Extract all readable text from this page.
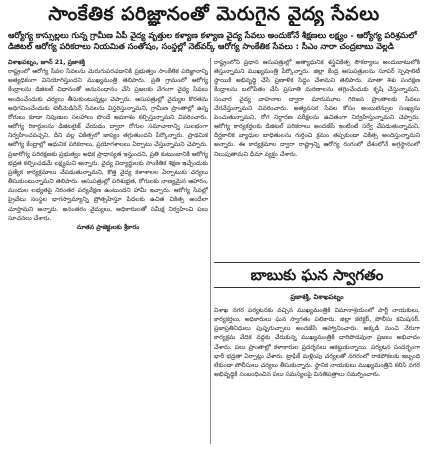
సాంకేతిక పరిజ్ఞానంతో మెరుగైన వైద్య సేవలు
ఆర్యోగ్య కాన్సుల్లలు గున్న గ్రామీణ ఏపీ వైద్య వృత్తుల కళ్యాణ కళ్యాణ వైద్య సేవలు అందుకోనే శీక్షణలు లక్ష్యం - ఆర్యోగ్య పరిశ్రమలో డిజిటల్ ఆరోగ్య పరికరాలు నియమిత సంతోషం, సంస్థల్లో నెట్‌వర్క్ ఆరోగ్య సాంకేతిక సేవలు : సీఎం నారా చంద్రబాబు వెల్లడి

విశాఖపట్నం, జూన్ 21, ప్రజాశక్తి

రాష్ట్రంలో ఆరోగ్య సేవల సేవలను మెరుగుపరచడానికి ప్రభుత్వం సాంకేతిక పరిజ్ఞానాన్ని అత్యధికంగా వినియోగిస్తుందని ముఖ్యమంత్రి తెలిపారు. ప్రతి గ్రామంలో ఆరోగ్య కేంద్రాలను డిజిటల్ విధానంతో అనుసంధానం చేసి ప్రజలకు వేగంగా వైద్య సేవలు అందించేందుకు చర్యలు తీసుకుంటున్నట్లు చెప్పారు. ఆసుపత్రుల్లో వైద్యుల కొరతను అధిగమించేందుకు టెలీమెడిసిన్ సేవలను విస్తరిస్తున్నామని, గ్రామీణ ప్రాంతాల్లో ఉన్న రోగులు కూడా నిపుణుల సలహాలు పొందే అవకాశం కల్పిస్తున్నామని వివరించారు. ఆరోగ్య రికార్డులను డిజిటలైజ్ చేయడం ద్వారా రోగుల సమాచారాన్ని సులభంగా నిర్వహించవచ్చని, దీని వల్ల చికిత్సలో జాప్యం తగ్గుతుందని పేర్కొన్నారు. ప్రాథమిక ఆరోగ్య కేంద్రాల్లో ఆధునిక పరికరాలు, ప్రయోగశాలలు ఏర్పాటు చేస్తున్నామని చెప్పారు. ప్రజారోగ్య పరిరక్షణకు ప్రభుత్వం అధిక ప్రాధాన్యత ఇస్తుందని, ప్రతి కుటుంబానికి ఆరోగ్య భద్రత కల్పించడమే లక్ష్యమని అన్నారు. వైద్య విద్యార్థులకు సాంకేతిక శిక్షణ ఇచ్చేందుకు ప్రత్యేక కార్యక్రమాలు చేపడుతున్నామని, కొత్త వైద్య కళాశాలల ఏర్పాటుకు చర్యలు తీసుకుంటున్నామని తెలిపారు. ఆసుపత్రుల్లో పరిశుభ్రత, రోగులకు నాణ్యమైన ఆహారం, మందుల లభ్యతపై నిరంతర పర్యవేక్షణ ఉంటుందని హామీ ఇచ్చారు. ఆరోగ్య సేవల్లో ప్రైవేటు సంస్థల భాగస్వామ్యాన్ని ప్రోత్సహిస్తూ పేదలకు ఉచిత చికిత్స అందేలా చూస్తామని అన్నారు. అనంతరం వైద్యులు, అధికారులతో సమీక్ష నిర్వహించి పలు సూచనలు చేశారు.

నూతన ప్రాజెక్టులకు శ్రీకారం

రాష్ట్రంలోని ప్రధాన ఆసుపత్రుల్లో అత్యాధునిక శస్త్రచికిత్స సౌకర్యాలు అందుబాటులోకి తెస్తున్నామని ముఖ్యమంత్రి పేర్కొన్నారు. జిల్లా కేంద్ర ఆసుపత్రులను సూపర్ స్పెషాలిటీ స్థాయికి అభివృద్ధి చేసే ప్రణాళిక సిద్ధం చేశామని తెలిపారు. మాతా శిశు సంరక్షణ కేంద్రాలను బలోపేతం చేసి ప్రసూతి మరణాలను తగ్గించేందుకు కృషి చేస్తున్నామని, సంచార వైద్య వాహనాల ద్వారా మారుమూల గిరిజన ప్రాంతాలకు సేవలు చేరవేస్తున్నామని వివరించారు. అత్యవసర సేవల కోసం అంబులెన్సుల సంఖ్యను పెంచుతున్నామని, రోగ నిర్ధారణ పరీక్షలను ఉచితంగా నిర్వహిస్తున్నామని చెప్పారు. ఆరోగ్య కార్యకర్తలకు డిజిటల్ పరికరాలు అందజేసి ఇంటింటి సర్వే చేపడుతున్నామని, దీర్ఘకాలిక వ్యాధుల బాధితులను గుర్తించి క్రమం తప్పకుండా చికిత్స అందిస్తున్నామని అన్నారు. ఈ కార్యక్రమాల ద్వారా రాష్ట్రాన్ని ఆరోగ్య రంగంలో దేశంలోనే అగ్రస్థానంలో నిలుపుతామని ధీమా వ్యక్తం చేశారు.

బాబుకు ఘన స్వాగతం
ప్రజాశక్తి, విశాఖపట్నం

విశాఖ నగర పర్యటనకు వచ్చిన ముఖ్యమంత్రికి విమానాశ్రయంలో పార్టీ నాయకులు, కార్యకర్తలు, అధికారులు ఘన స్వాగతం పలికారు. జిల్లా కలెక్టర్, పోలీసు కమిషనర్, ప్రజాప్రతినిధులు పుష్పగుచ్ఛాలు అందజేసి ఆహ్వానించారు. అక్కడి నుంచి నేరుగా కార్యక్రమ వేదిక వద్దకు చేరుకున్న ముఖ్యమంత్రికి దారిపొడవునా ప్రజలు అభివాదం చేశారు. పలు ప్రాంతాల్లో కళాకారుల ప్రదర్శనలు ఆకట్టుకున్నాయి. పర్యటన సందర్భంగా భారీ భద్రతా ఏర్పాట్లు చేశారు. ట్రాఫిక్ మళ్లింపు చర్యలతో నగరంలో రాకపోకలకు ఇబ్బంది లేకుండా పోలీసులు చర్యలు తీసుకున్నారు. స్థానిక నాయకులు ముఖ్యమంత్రిని కలిసి నగర అభివృద్ధికి సంబంధించిన పలు సమస్యలపై వినతిపత్రాలు సమర్పించారు.
